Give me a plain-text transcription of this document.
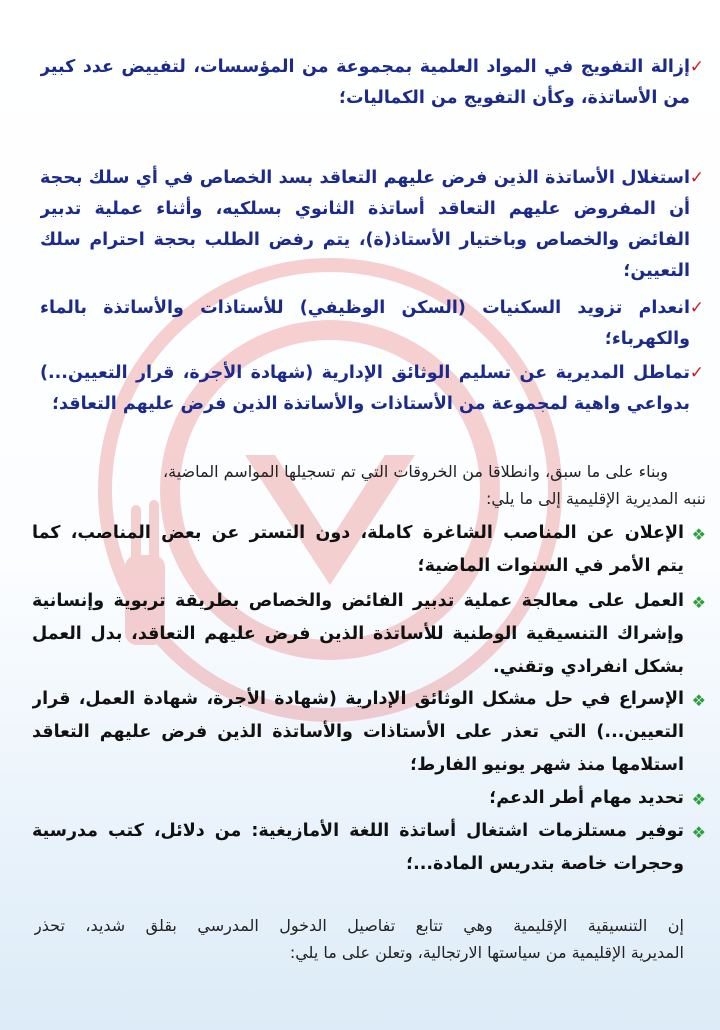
✓
إزالة التفويج في المواد العلمية بمجموعة من المؤسسات، لتفييض عدد كبير
من الأساتذة، وكأن التفويج من الكماليات؛
✓
استغلال الأساتذة الذين فرض عليهم التعاقد بسد الخصاص في أي سلك بحجة
أن المفروض عليهم التعاقد أساتذة الثانوي بسلكيه، وأثناء عملية تدبير
الفائض والخصاص وباختيار الأستاذ(ة)، يتم رفض الطلب بحجة احترام سلك
التعيين؛
✓
انعدام تزويد السكنيات (السكن الوظيفي) للأستاذات والأساتذة بالماء
والكهرباء؛
✓
تماطل المديرية عن تسليم الوثائق الإدارية (شهادة الأجرة، قرار التعيين...)
بدواعي واهية لمجموعة من الأستاذات والأساتذة الذين فرض عليهم التعاقد؛
وبناء على ما سبق، وانطلاقا من الخروقات التي تم تسجيلها المواسم الماضية،
ننبه المديرية الإقليمية إلى ما يلي:
❖
الإعلان عن المناصب الشاغرة كاملة، دون التستر عن بعض المناصب، كما
يتم الأمر في السنوات الماضية؛
❖
العمل على معالجة عملية تدبير الفائض والخصاص بطريقة تربوية وإنسانية
وإشراك التنسيقية الوطنية للأساتذة الذين فرض عليهم التعاقد، بدل العمل
بشكل انفرادي وتقني.
❖
الإسراع في حل مشكل الوثائق الإدارية (شهادة الأجرة، شهادة العمل، قرار
التعيين...) التي تعذر على الأستاذات والأساتذة الذين فرض عليهم التعاقد
استلامها منذ شهر يونيو الفارط؛
❖
تحديد مهام أطر الدعم؛
❖
توفير مستلزمات اشتغال أساتذة اللغة الأمازيغية: من دلائل، كتب مدرسية
وحجرات خاصة بتدريس المادة...؛
إن التنسيقية الإقليمية وهي تتابع تفاصيل الدخول المدرسي بقلق شديد، تحذر
المديرية الإقليمية من سياستها الارتجالية، وتعلن على ما يلي:
